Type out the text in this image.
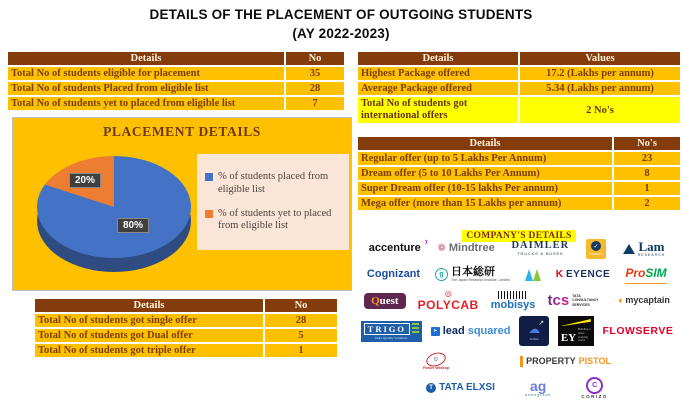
DETAILS OF THE PLACEMENT OF OUTGOING STUDENTS
(AY 2022-2023)
Details	No
Total No of students eligible for placement	35
Total No of students Placed from eligible list	28
Total No of students yet to placed from eligible list	7
Details	Values
Highest Package offered	17.2 (Lakhs per annum)
Average Package offered	5.34 (Lakhs per annum)
Total No of students got international offers	2 No's
Details	No's
Regular offer (up to 5 Lakhs Per Annum)	23
Dream offer (5 to 10 Lakhs Per Annum)	8
Super Dream offer (10-15 lakhs Per annum)	1
Mega offer (more than 15 Lakhs per annum)	2
Details	No
Total No of students got single offer	28
Total No of students got Dual offer	5
Total No of students got triple offer	1
PLACEMENT DETAILS
20%
80%
% of students placed from eligible list
% of students yet to placed from eligible list
COMPANY'S DETAILS
›
accenture ❁ Mindtree DAIMLER
TRUCKS & BUSES
✓
TalentServe
Lam
RESEARCH
Cognizant	g 日本総研
The Japan Research Institute, Limited
K EYENCE ProSIM
Quest
◎
POLYCAB mobisys tcs TATA CONSULTANCY SERVICES
♦ mycaptain
TRIGO
Data Quality Solutions
➤ lead squared ☁
↗
Jetfire EY
Building a better working world
FLOWSERVE
⚙
Fowler Westrup
PROPERTY PISTOL
T TATA ELXSI	ag
acmegrade
C
CORIZO
